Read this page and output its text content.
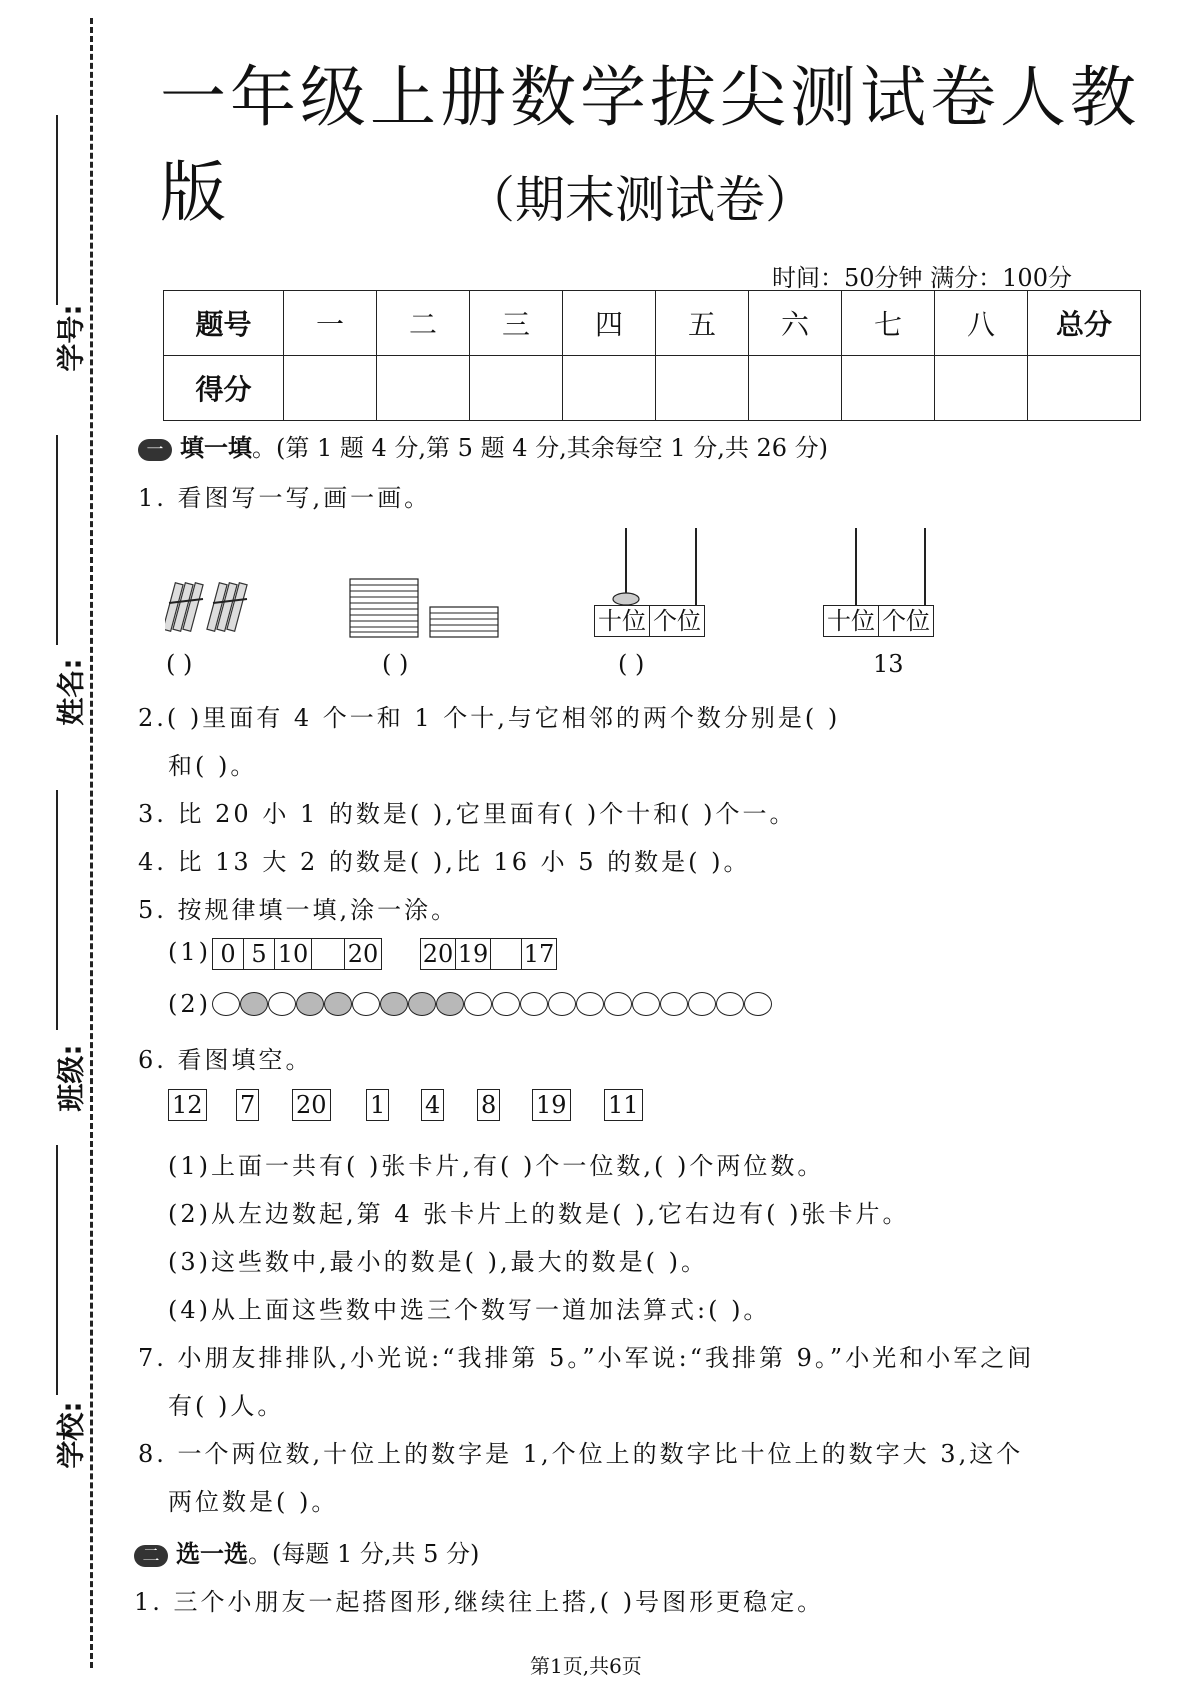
学号:
姓名:
班级:
学校:
一年级上册数学拔尖测试卷人教版	（期末测试卷）
时间：50分钟 满分：100分
题号	一	二	三	四	五	六	七	八	总分
得分									
一 填一填。(第 1 题 4 分,第 5 题 4 分,其余每空 1 分,共 26 分)
1. 看图写一写,画一画。
十位 个位	十位 个位
( )	( )	( )	13
2.( )里面有 4 个一和 1 个十,与它相邻的两个数分别是( )
和( )。
3. 比 20 小 1 的数是( ),它里面有( )个十和( )个一。
4. 比 13 大 2 的数是( ),比 16 小 5 的数是( )。
5. 按规律填一填,涂一涂。
(1) 0 5 10 20 20 19 17
(2)
6. 看图填空。
12 7 20 1 4 8 19 11
(1)上面一共有( )张卡片,有( )个一位数,( )个两位数。
(2)从左边数起,第 4 张卡片上的数是( ),它右边有( )张卡片。
(3)这些数中,最小的数是( ),最大的数是( )。
(4)从上面这些数中选三个数写一道加法算式:( )。
7. 小朋友排排队,小光说:“我排第 5。”小军说:“我排第 9。”小光和小军之间
有( )人。
8. 一个两位数,十位上的数字是 1,个位上的数字比十位上的数字大 3,这个
两位数是( )。
二 选一选。(每题 1 分,共 5 分)
1. 三个小朋友一起搭图形,继续往上搭,( )号图形更稳定。
第1页,共6页
